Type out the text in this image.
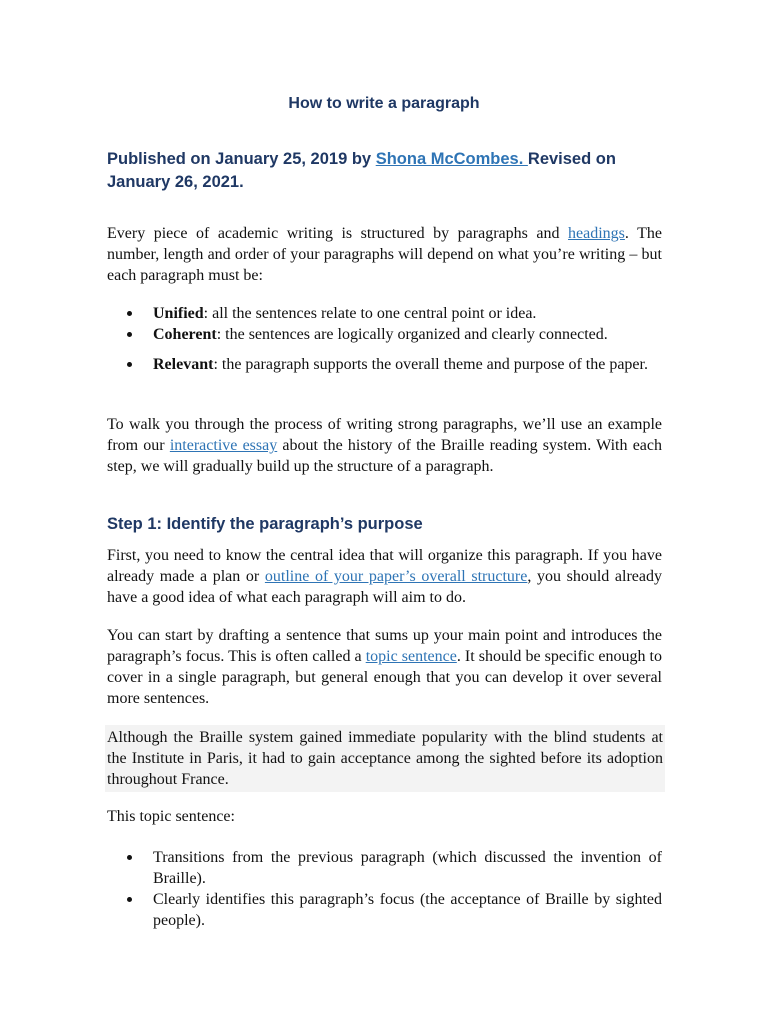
How to write a paragraph

Published on January 25, 2019 by Shona McCombes. Revised on January 26, 2021.

Every piece of academic writing is structured by paragraphs and headings. The number, length and order of your paragraphs will depend on what you’re writing – but each paragraph must be:

Unified: all the sentences relate to one central point or idea.
Coherent: the sentences are logically organized and clearly connected.
Relevant: the paragraph supports the overall theme and purpose of the paper.

To walk you through the process of writing strong paragraphs, we’ll use an example from our interactive essay about the history of the Braille reading system. With each step, we will gradually build up the structure of a paragraph.

Step 1: Identify the paragraph’s purpose

First, you need to know the central idea that will organize this paragraph. If you have already made a plan or outline of your paper’s overall structure, you should already have a good idea of what each paragraph will aim to do.

You can start by drafting a sentence that sums up your main point and introduces the paragraph’s focus. This is often called a topic sentence. It should be specific enough to cover in a single paragraph, but general enough that you can develop it over several more sentences.

Although the Braille system gained immediate popularity with the blind students at the Institute in Paris, it had to gain acceptance among the sighted before its adoption throughout France.

This topic sentence:

Transitions from the previous paragraph (which discussed the invention of Braille).
Clearly identifies this paragraph’s focus (the acceptance of Braille by sighted people).
